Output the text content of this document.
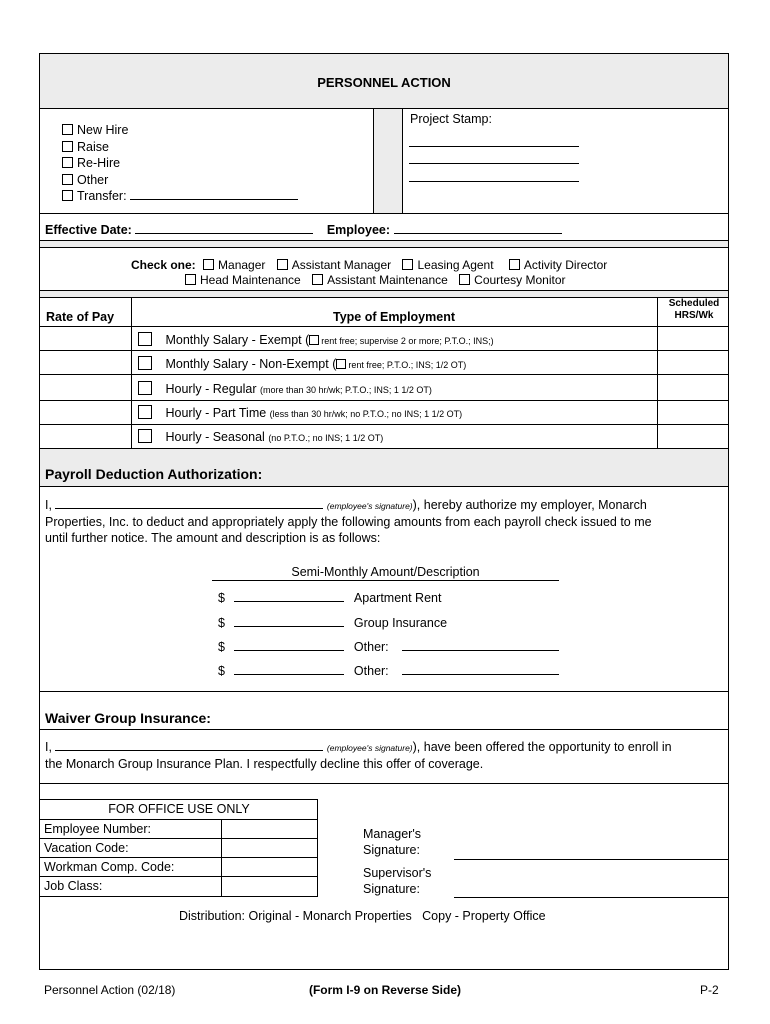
PERSONNEL ACTION
New Hire
Raise
Re-Hire
Other
Transfer:
Project Stamp:
Effective Date:	Employee:
Check one: Manager Assistant Manager Leasing Agent	Activity Director
Head Maintenance Assistant Maintenance Courtesy Monitor
Rate of Pay	Type of Employment
Scheduled
HRS/Wk
Monthly Salary - Exempt ( rent free; supervise 2 or more; P.T.O.; INS;)
Monthly Salary - Non-Exempt ( rent free; P.T.O.; INS; 1/2 OT)
Hourly - Regular (more than 30 hr/wk; P.T.O.; INS; 1 1/2 OT)
Hourly - Part Time (less than 30 hr/wk; no P.T.O.; no INS; 1 1/2 OT)
Hourly - Seasonal (no P.T.O.; no INS; 1 1/2 OT)
Payroll Deduction Authorization:
I,	(employee's signature)), hereby authorize my employer, Monarch
Properties, Inc. to deduct and appropriately apply the following amounts from each payroll check issued to me
until further notice. The amount and description is as follows:
Semi-Monthly Amount/Description
$	Apartment Rent
$	Group Insurance
$	Other:
$	Other:
Waiver Group Insurance:
I,	(employee's signature)), have been offered the opportunity to enroll in
the Monarch Group Insurance Plan. I respectfully decline this offer of coverage.
FOR OFFICE USE ONLY
Employee Number:
Vacation Code:
Workman Comp. Code:
Job Class:
Manager's
Signature:
Supervisor's
Signature:
Distribution: Original - Monarch Properties   Copy - Property Office
Personnel Action (02/18)	(Form I-9 on Reverse Side)	P-2
